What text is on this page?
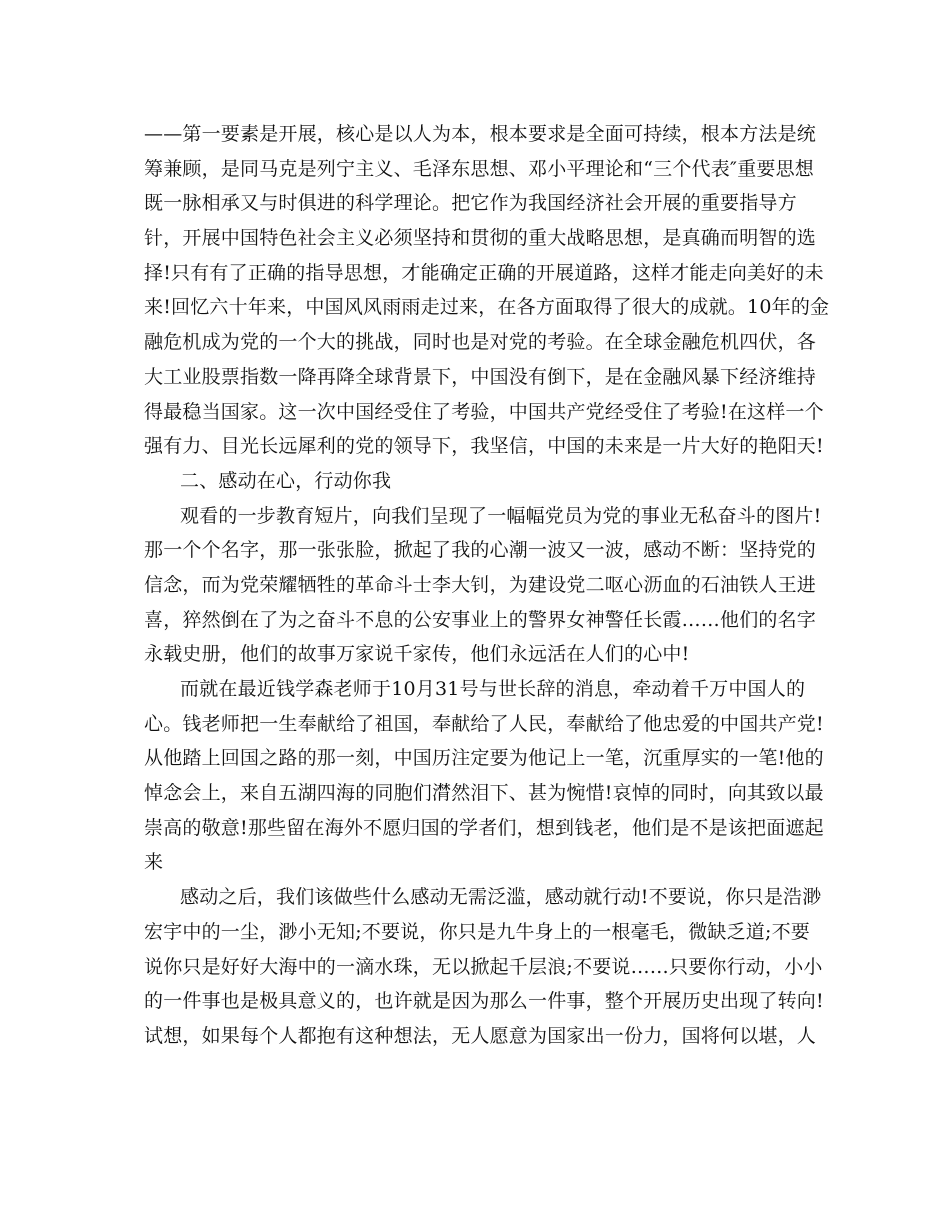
——第一要素是开展，核心是以人为本，根本要求是全面可持续，根本方法是统
筹兼顾，是同马克是列宁主义、毛泽东思想、邓小平理论和“三个代表″重要思想
既一脉相承又与时俱进的科学理论。把它作为我国经济社会开展的重要指导方
针，开展中国特色社会主义必须坚持和贯彻的重大战略思想，是真确而明智的选
择!只有有了正确的指导思想，才能确定正确的开展道路，这样才能走向美好的未
来!回忆六十年来，中国风风雨雨走过来，在各方面取得了很大的成就。10年的金
融危机成为党的一个大的挑战，同时也是对党的考验。在全球金融危机四伏，各
大工业股票指数一降再降全球背景下，中国没有倒下，是在金融风暴下经济维持
得最稳当国家。这一次中国经受住了考验，中国共产党经受住了考验!在这样一个
强有力、目光长远犀利的党的领导下，我坚信，中国的未来是一片大好的艳阳天!
二、感动在心，行动你我
观看的一步教育短片，向我们呈现了一幅幅党员为党的事业无私奋斗的图片!
那一个个名字，那一张张脸，掀起了我的心潮一波又一波，感动不断：坚持党的
信念，而为党荣耀牺牲的革命斗士李大钊，为建设党二呕心沥血的石油铁人王进
喜，猝然倒在了为之奋斗不息的公安事业上的警界女神警任长霞……他们的名字
永载史册，他们的故事万家说千家传，他们永远活在人们的心中!
而就在最近钱学森老师于10月31号与世长辞的消息，牵动着千万中国人的
心。钱老师把一生奉献给了祖国，奉献给了人民，奉献给了他忠爱的中国共产党!
从他踏上回国之路的那一刻，中国历注定要为他记上一笔，沉重厚实的一笔!他的
悼念会上，来自五湖四海的同胞们潸然泪下、甚为惋惜!哀悼的同时，向其致以最
崇高的敬意!那些留在海外不愿归国的学者们，想到钱老，他们是不是该把面遮起
来
感动之后，我们该做些什么感动无需泛滥，感动就行动!不要说，你只是浩渺
宏宇中的一尘，渺小无知;不要说，你只是九牛身上的一根毫毛，微缺乏道;不要
说你只是好好大海中的一滴水珠，无以掀起千层浪;不要说……只要你行动，小小
的一件事也是极具意义的，也许就是因为那么一件事，整个开展历史出现了转向!
试想，如果每个人都抱有这种想法，无人愿意为国家出一份力，国将何以堪，人
